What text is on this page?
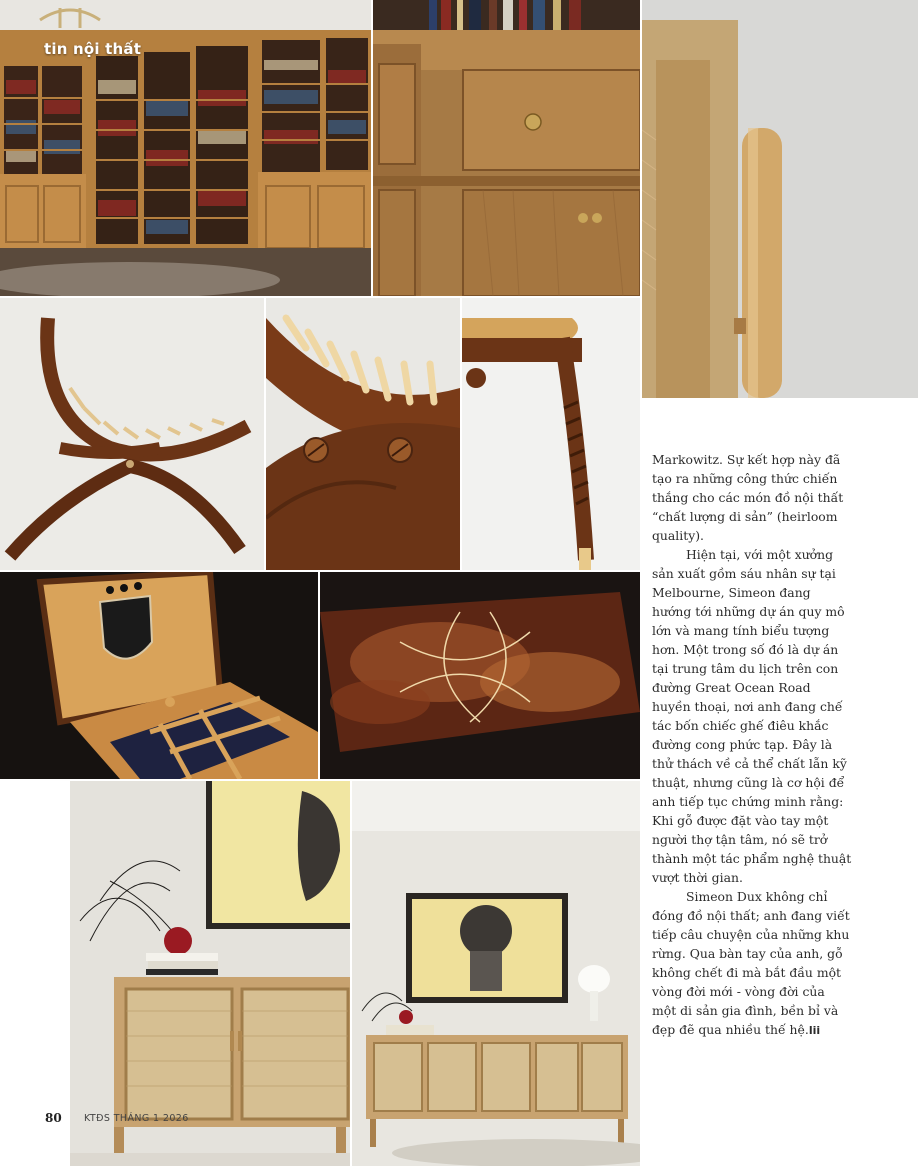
tin nội thất

Markowitz. Sự kết hợp này đã tạo ra những công thức chiến thắng cho các món đồ nội thất “chất lượng di sản” (heirloom quality).

Hiện tại, với một xưởng sản xuất gồm sáu nhân sự tại Melbourne, Simeon đang hướng tới những dự án quy mô lớn và mang tính biểu tượng hơn. Một trong số đó là dự án tại trung tâm du lịch trên con đường Great Ocean Road huyền thoại, nơi anh đang chế tác bốn chiếc ghế điêu khắc đường cong phức tạp. Đây là thử thách về cả thể chất lẫn kỹ thuật, nhưng cũng là cơ hội để anh tiếp tục chứng minh rằng: Khi gỗ được đặt vào tay một người thợ tận tâm, nó sẽ trở thành một tác phẩm nghệ thuật vượt thời gian.

Simeon Dux không chỉ đóng đồ nội thất; anh đang viết tiếp câu chuyện của những khu rừng. Qua bàn tay của anh, gỗ không chết đi mà bắt đầu một vòng đời mới - vòng đời của một di sản gia đình, bền bỉ và đẹp đẽ qua nhiều thế hệ.lii

80 KTĐS THÁNG 1 2026
